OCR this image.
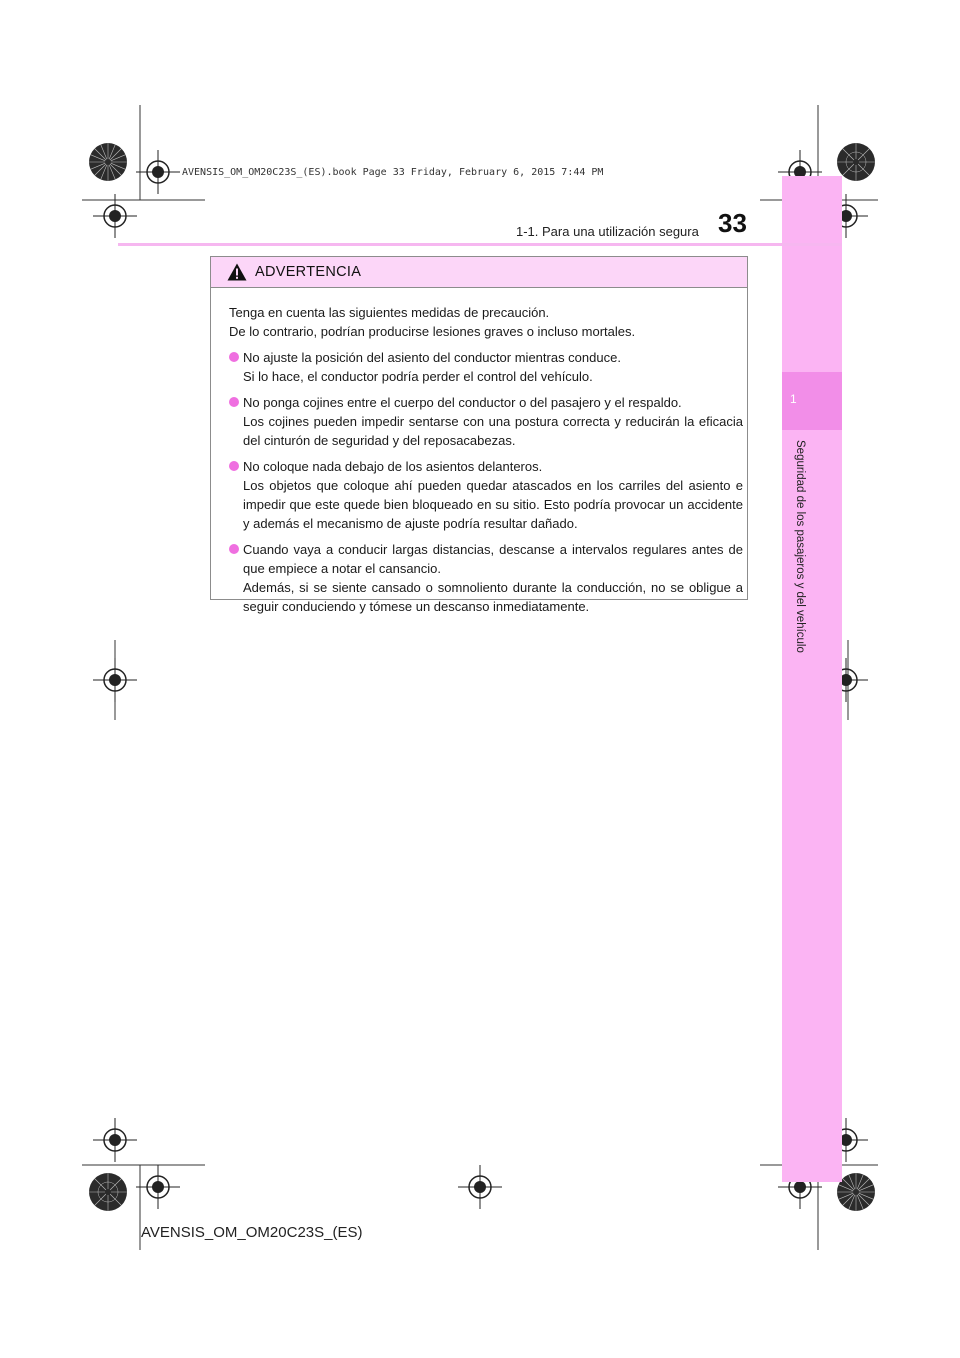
AVENSIS_OM_OM20C23S_(ES).book Page 33 Friday, February 6, 2015 7:44 PM
1
Seguridad de los pasajeros y del vehículo
1-1. Para una utilización segura 33
ADVERTENCIA

Tenga en cuenta las siguientes medidas de precaución.

De lo contrario, podrían producirse lesiones graves o incluso mortales.

No ajuste la posición del asiento del conductor mientras conduce.

Si lo hace, el conductor podría perder el control del vehículo.

No ponga cojines entre el cuerpo del conductor o del pasajero y el respaldo.

Los cojines pueden impedir sentarse con una postura correcta y reducirán la eficacia del cinturón de seguridad y del reposacabezas.

No coloque nada debajo de los asientos delanteros.

Los objetos que coloque ahí pueden quedar atascados en los carriles del asiento e impedir que este quede bien bloqueado en su sitio. Esto podría provocar un accidente y además el mecanismo de ajuste podría resultar dañado.

Cuando vaya a conducir largas distancias, descanse a intervalos regulares antes de que empiece a notar el cansancio.

Además, si se siente cansado o somnoliento durante la conducción, no se obligue a seguir conduciendo y tómese un descanso inmediatamente.

AVENSIS_OM_OM20C23S_(ES)
